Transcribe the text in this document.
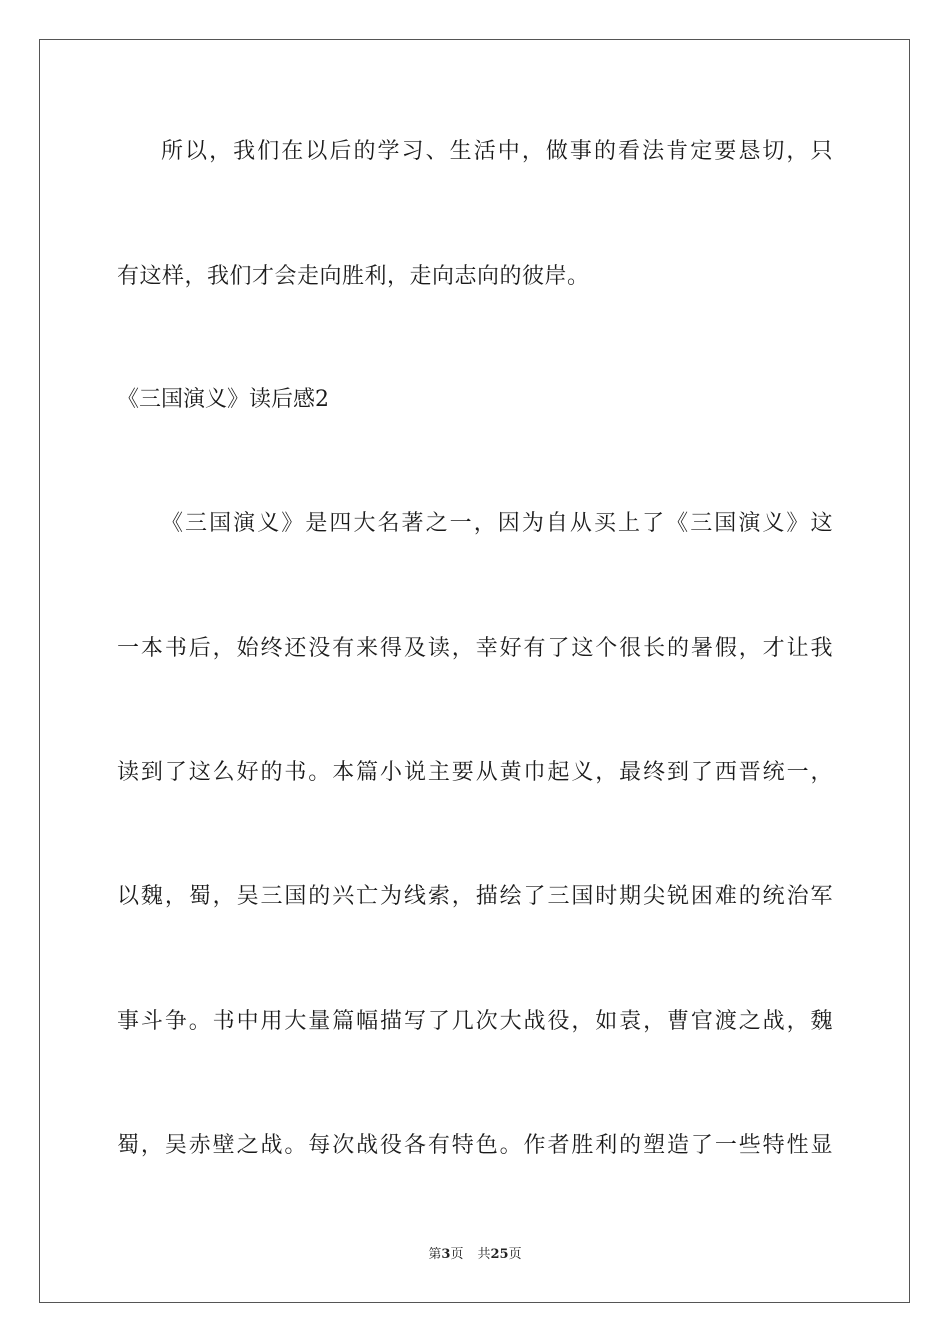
所以，我们在以后的学习、生活中，做事的看法肯定要恳切，只
有这样，我们才会走向胜利，走向志向的彼岸。
《三国演义》读后感2
《三国演义》是四大名著之一，因为自从买上了《三国演义》这
一本书后，始终还没有来得及读，幸好有了这个很长的暑假，才让我
读到了这么好的书。本篇小说主要从黄巾起义，最终到了西晋统一，
以魏，蜀，吴三国的兴亡为线索，描绘了三国时期尖锐困难的统治军
事斗争。书中用大量篇幅描写了几次大战役，如袁，曹官渡之战，魏
蜀，吴赤壁之战。每次战役各有特色。作者胜利的塑造了一些特性显
第3页 共25页
